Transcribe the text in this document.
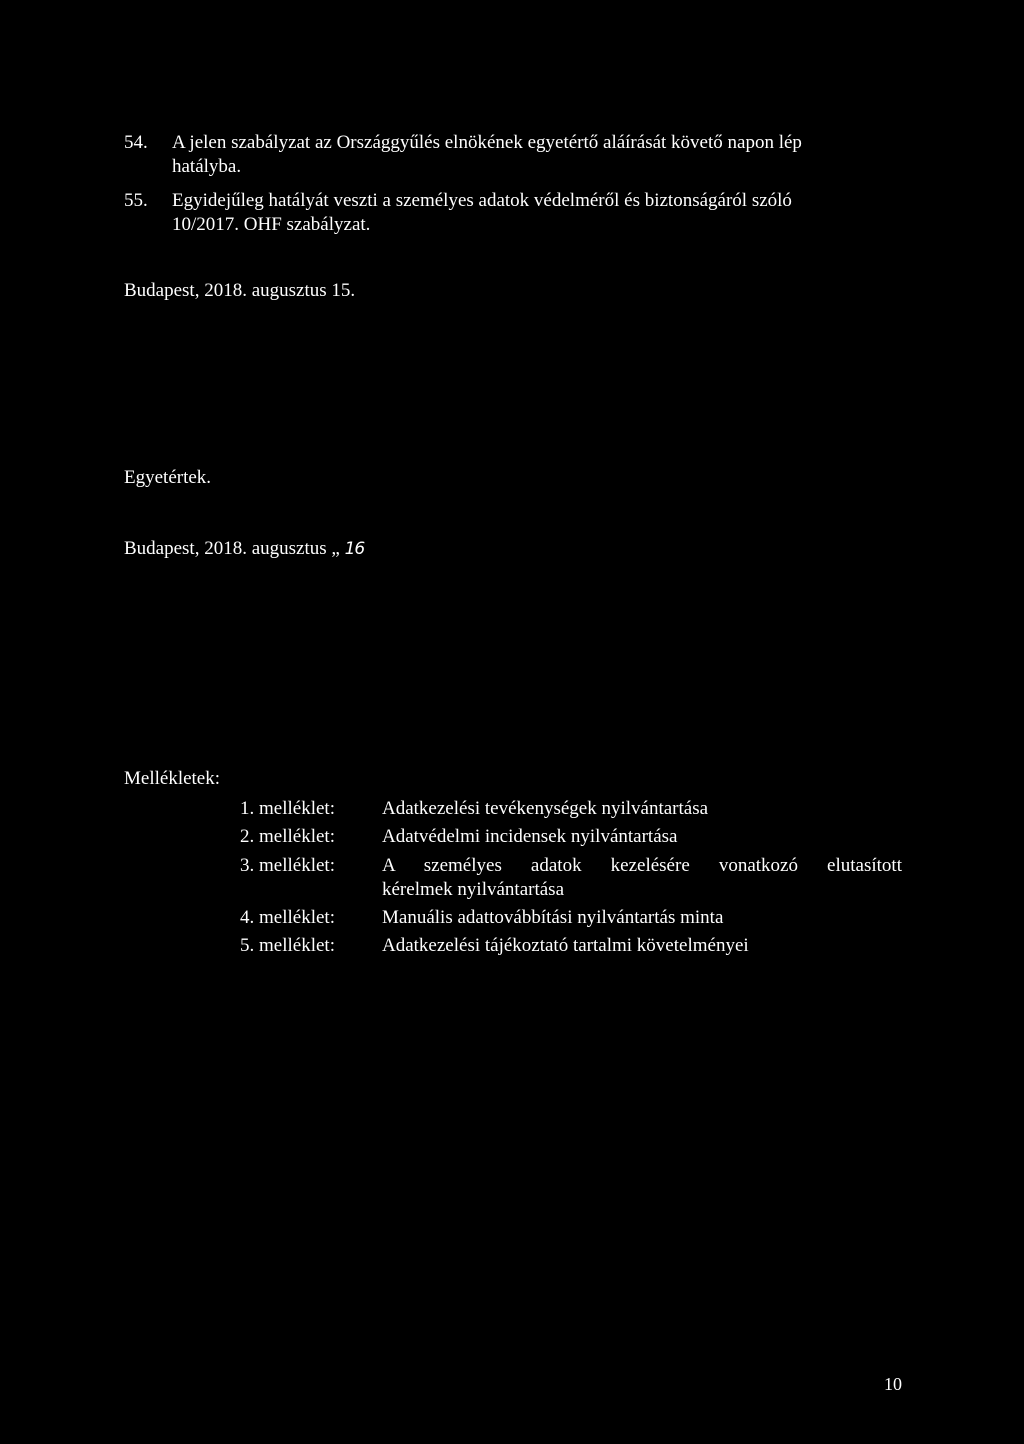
54.	A jelen szabályzat az Országgyűlés elnökének egyetértő aláírását követő napon lép
hatályba.
55.	Egyidejűleg hatályát veszti a személyes adatok védelméről és biztonságáról szóló
10/2017. OHF szabályzat.
Budapest, 2018. augusztus 15.
Egyetértek.
Budapest, 2018. augusztus „ 16
Mellékletek:
1. melléklet:	Adatkezelési tevékenységek nyilvántartása
2. melléklet:	Adatvédelmi incidensek nyilvántartása
3. melléklet:	A személyes adatok kezelésére vonatkozó elutasított
kérelmek nyilvántartása
4. melléklet:	Manuális adattovábbítási nyilvántartás minta
5. melléklet:	Adatkezelési tájékoztató tartalmi követelményei
10
